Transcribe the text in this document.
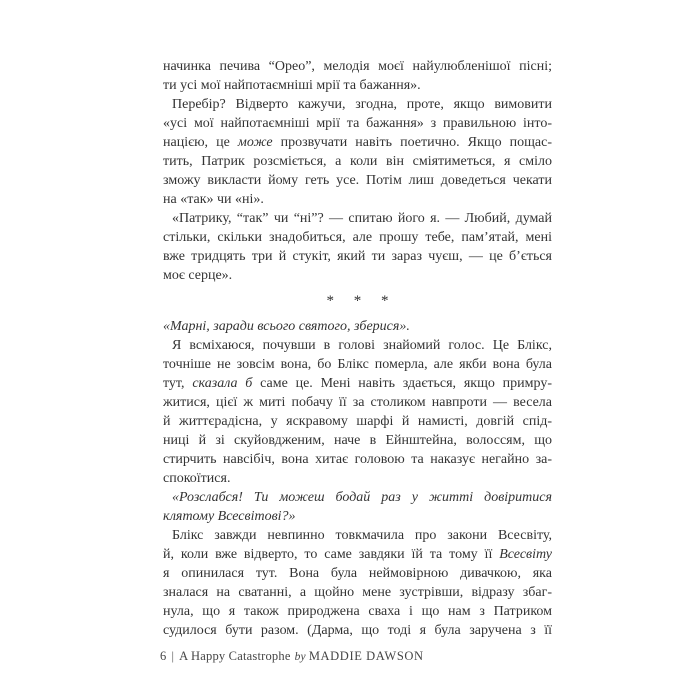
начинка печива “Орео”, мелодія моєї найулюбленішої пісні;
ти усі мої найпотаємніші мрії та бажання».
Перебір? Відверто кажучи, згодна, проте, якщо вимовити
«усі мої найпотаємніші мрії та бажання» з правильною інто-
нацією, це може прозвучати навіть поетично. Якщо пощас-
тить, Патрик розсміється, а коли він сміятиметься, я сміло
зможу викласти йому геть усе. Потім лиш доведеться чекати
на «так» чи «ні».
«Патрику, “так” чи “ні”? — спитаю його я. — Любий, думай
стільки, скільки знадобиться, але прошу тебе, пам’ятай, мені
вже тридцять три й стукіт, який ти зараз чуєш, — це б’ється
моє серце».
* * *
«Марні, заради всього святого, зберися».
Я всміхаюся, почувши в голові знайомий голос. Це Блікс,
точніше не зовсім вона, бо Блікс померла, але якби вона була
тут, сказала б саме це. Мені навіть здається, якщо примру-
житися, цієї ж миті побачу її за столиком навпроти — весела
й життєрадісна, у яскравому шарфі й намисті, довгій спід-
ниці й зі скуйовдженим, наче в Ейнштейна, волоссям, що
стирчить навсібіч, вона хитає головою та наказує негайно за-
спокоїтися.
«Розслабся! Ти можеш бодай раз у житті довіритися
клятому Всесвітові?»
Блікс завжди невпинно товкмачила про закони Всесвіту,
й, коли вже відверто, то саме завдяки їй та тому її Всесвіту
я опинилася тут. Вона була неймовірною дивачкою, яка
зналася на сватанні, а щойно мене зустрівши, відразу збаг-
нула, що я також природжена сваха і що нам з Патриком
судилося бути разом. (Дарма, що тоді я була заручена з її
6 | A Happy Catastrophe by MADDIE DAWSON
